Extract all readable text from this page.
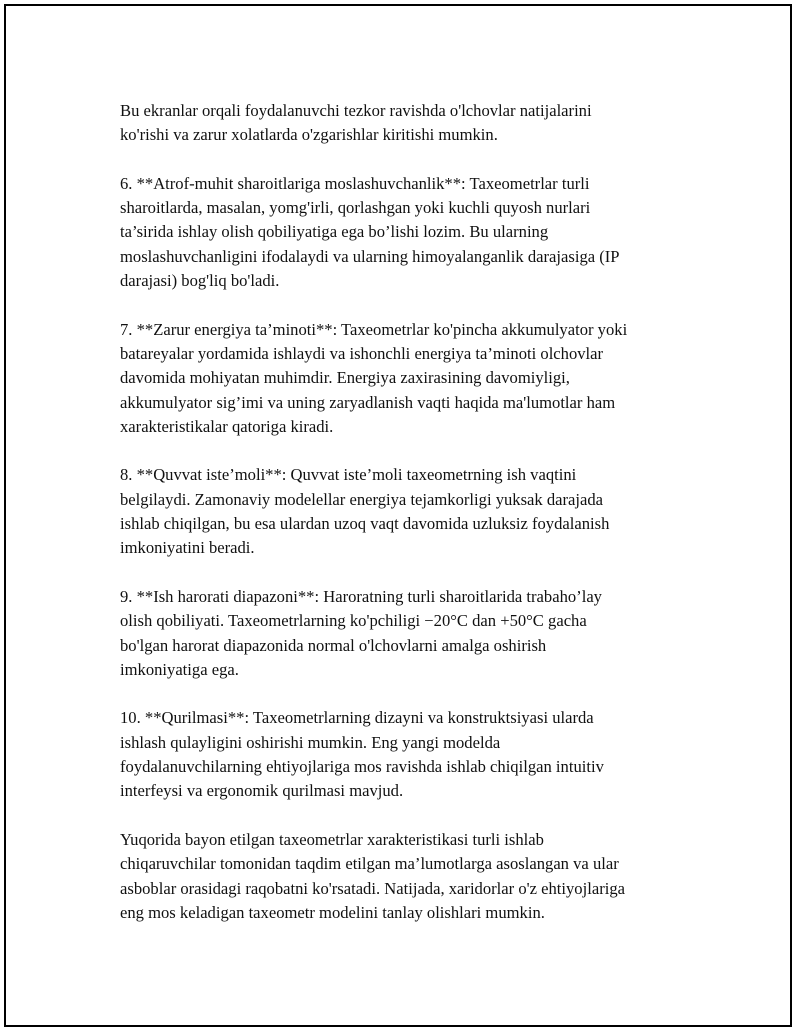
Bu ekranlar orqali foydalanuvchi tezkor ravishda o'lchovlar natijalarini
ko'rishi va zarur xolatlarda o'zgarishlar kiritishi mumkin.

6. **Atrof-muhit sharoitlariga moslashuvchanlik**: Taxeometrlar turli
sharoitlarda, masalan, yomg'irli, qorlashgan yoki kuchli quyosh nurlari
ta’sirida ishlay olish qobiliyatiga ega bo’lishi lozim. Bu ularning
moslashuvchanligini ifodalaydi va ularning himoyalanganlik darajasiga (IP
darajasi) bog'liq bo'ladi.

7. **Zarur energiya ta’minoti**: Taxeometrlar ko'pincha akkumulyator yoki
batareyalar yordamida ishlaydi va ishonchli energiya ta’minoti olchovlar
davomida mohiyatan muhimdir. Energiya zaxirasining davomiyligi,
akkumulyator sig’imi va uning zaryadlanish vaqti haqida ma'lumotlar ham
xarakteristikalar qatoriga kiradi.

8. **Quvvat iste’moli**: Quvvat iste’moli taxeometrning ish vaqtini
belgilaydi. Zamonaviy modelellar energiya tejamkorligi yuksak darajada
ishlab chiqilgan, bu esa ulardan uzoq vaqt davomida uzluksiz foydalanish
imkoniyatini beradi.

9. **Ish harorati diapazoni**: Haroratning turli sharoitlarida trabaho’lay
olish qobiliyati. Taxeometrlarning ko'pchiligi −20°C dan +50°C gacha
bo'lgan harorat diapazonida normal o'lchovlarni amalga oshirish
imkoniyatiga ega.

10. **Qurilmasi**: Taxeometrlarning dizayni va konstruktsiyasi ularda
ishlash qulayligini oshirishi mumkin. Eng yangi modelda
foydalanuvchilarning ehtiyojlariga mos ravishda ishlab chiqilgan intuitiv
interfeysi va ergonomik qurilmasi mavjud.

Yuqorida bayon etilgan taxeometrlar xarakteristikasi turli ishlab
chiqaruvchilar tomonidan taqdim etilgan ma’lumotlarga asoslangan va ular
asboblar orasidagi raqobatni ko'rsatadi. Natijada, xaridorlar o'z ehtiyojlariga
eng mos keladigan taxeometr modelini tanlay olishlari mumkin.
